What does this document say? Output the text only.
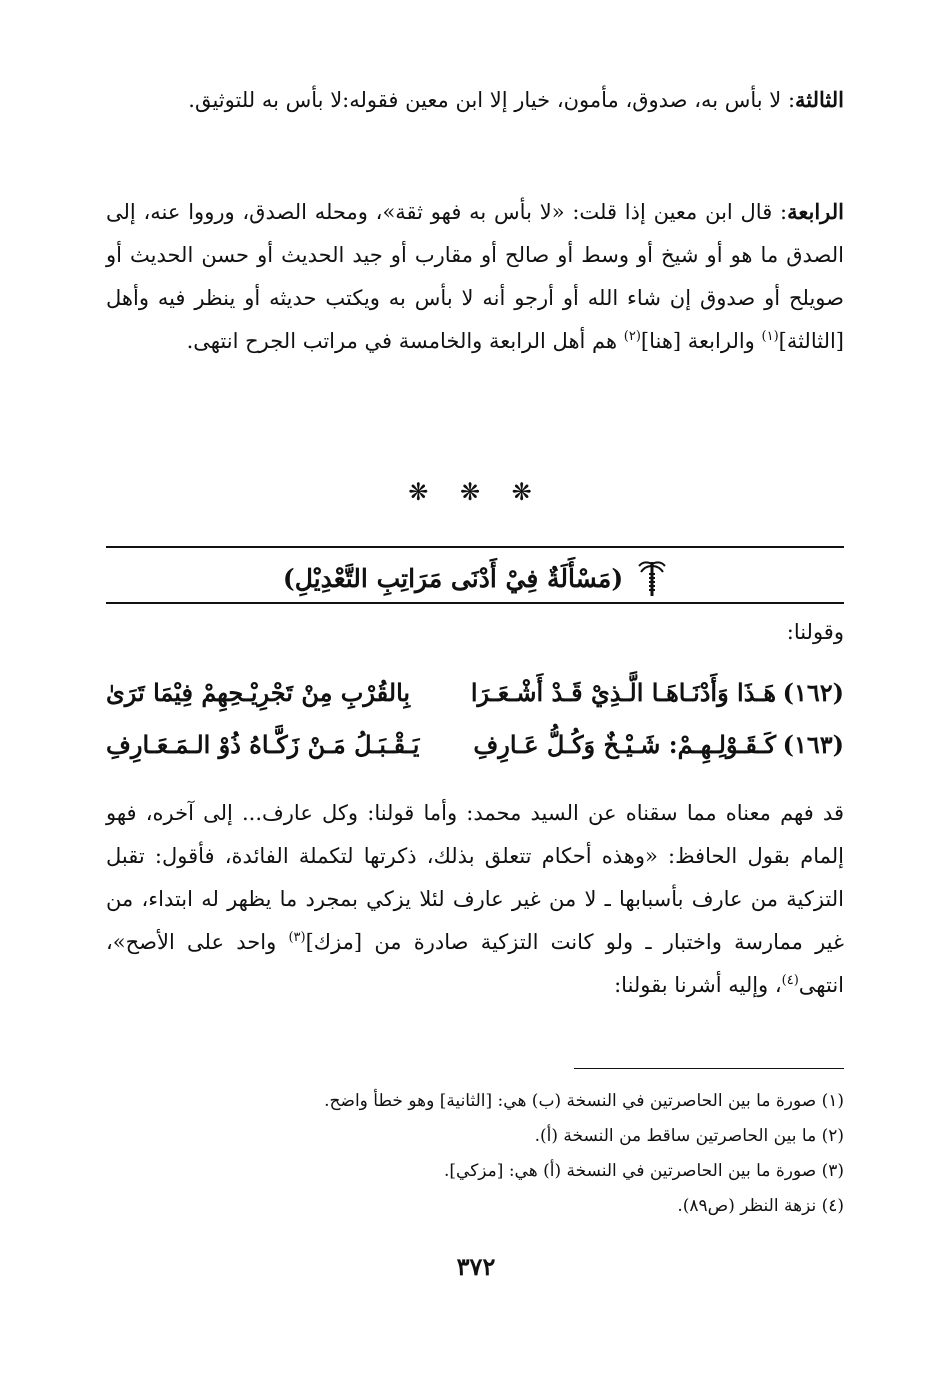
الثالثة: لا بأس به، صدوق، مأمون، خيار إلا ابن معين فقوله:لا بأس به للتوثيق.

الرابعة: قال ابن معين إذا قلت: «لا بأس به فهو ثقة»، ومحله الصدق، ورووا عنه، إلى الصدق ما هو أو شيخ أو وسط أو صالح أو مقارب أو جيد الحديث أو حسن الحديث أو صويلح أو صدوق إن شاء الله أو أرجو أنه لا بأس به ويكتب حديثه أو ينظر فيه وأهل [الثالثة]$^{(١)}$ والرابعة [هنا]$^{(٢)}$ هم أهل الرابعة والخامسة في مراتب الجرح انتهى.

❋ ❋ ❋
(مَسْأَلَةٌ فِيْ أَدْنَى مَرَاتِبِ التَّعْدِيْلِ)
وقولنا:
(١٦٢)
هَـذَا وَأَدْنَـاهَـا الَّـذِيْ قَـدْ أَشْـعَـرَا
بِالقُرْبِ مِنْ تَجْرِيْـحِهِمْ فِيْمَا تَرَىٰ
(١٦٣)
كَـقَـوْلِـهِـمْ: شَـيْـخٌ وَكُـلُّ عَـارِفِ
يَـقْـبَـلُ مَـنْ زَكَّـاهُ ذُوْ الـمَـعَـارِفِ

قد فهم معناه مما سقناه عن السيد محمد: وأما قولنا: وكل عارف... إلى آخره، فهو إلمام بقول الحافظ: «وهذه أحكام تتعلق بذلك، ذكرتها لتكملة الفائدة، فأقول: تقبل التزكية من عارف بأسبابها ـ لا من غير عارف لئلا يزكي بمجرد ما يظهر له ابتداء، من غير ممارسة واختبار ـ ولو كانت التزكية صادرة من [مزك]$^{(٣)}$ واحد على الأصح»، انتهى$^{(٤)}$، وإليه أشرنا بقولنا:

(١) صورة ما بين الحاصرتين في النسخة (ب) هي: [الثانية] وهو خطأ واضح.
(٢) ما بين الحاصرتين ساقط من النسخة (أ).
(٣) صورة ما بين الحاصرتين في النسخة (أ) هي: [مزكي].
(٤) نزهة النظر (ص٨٩).
٣٧٢
